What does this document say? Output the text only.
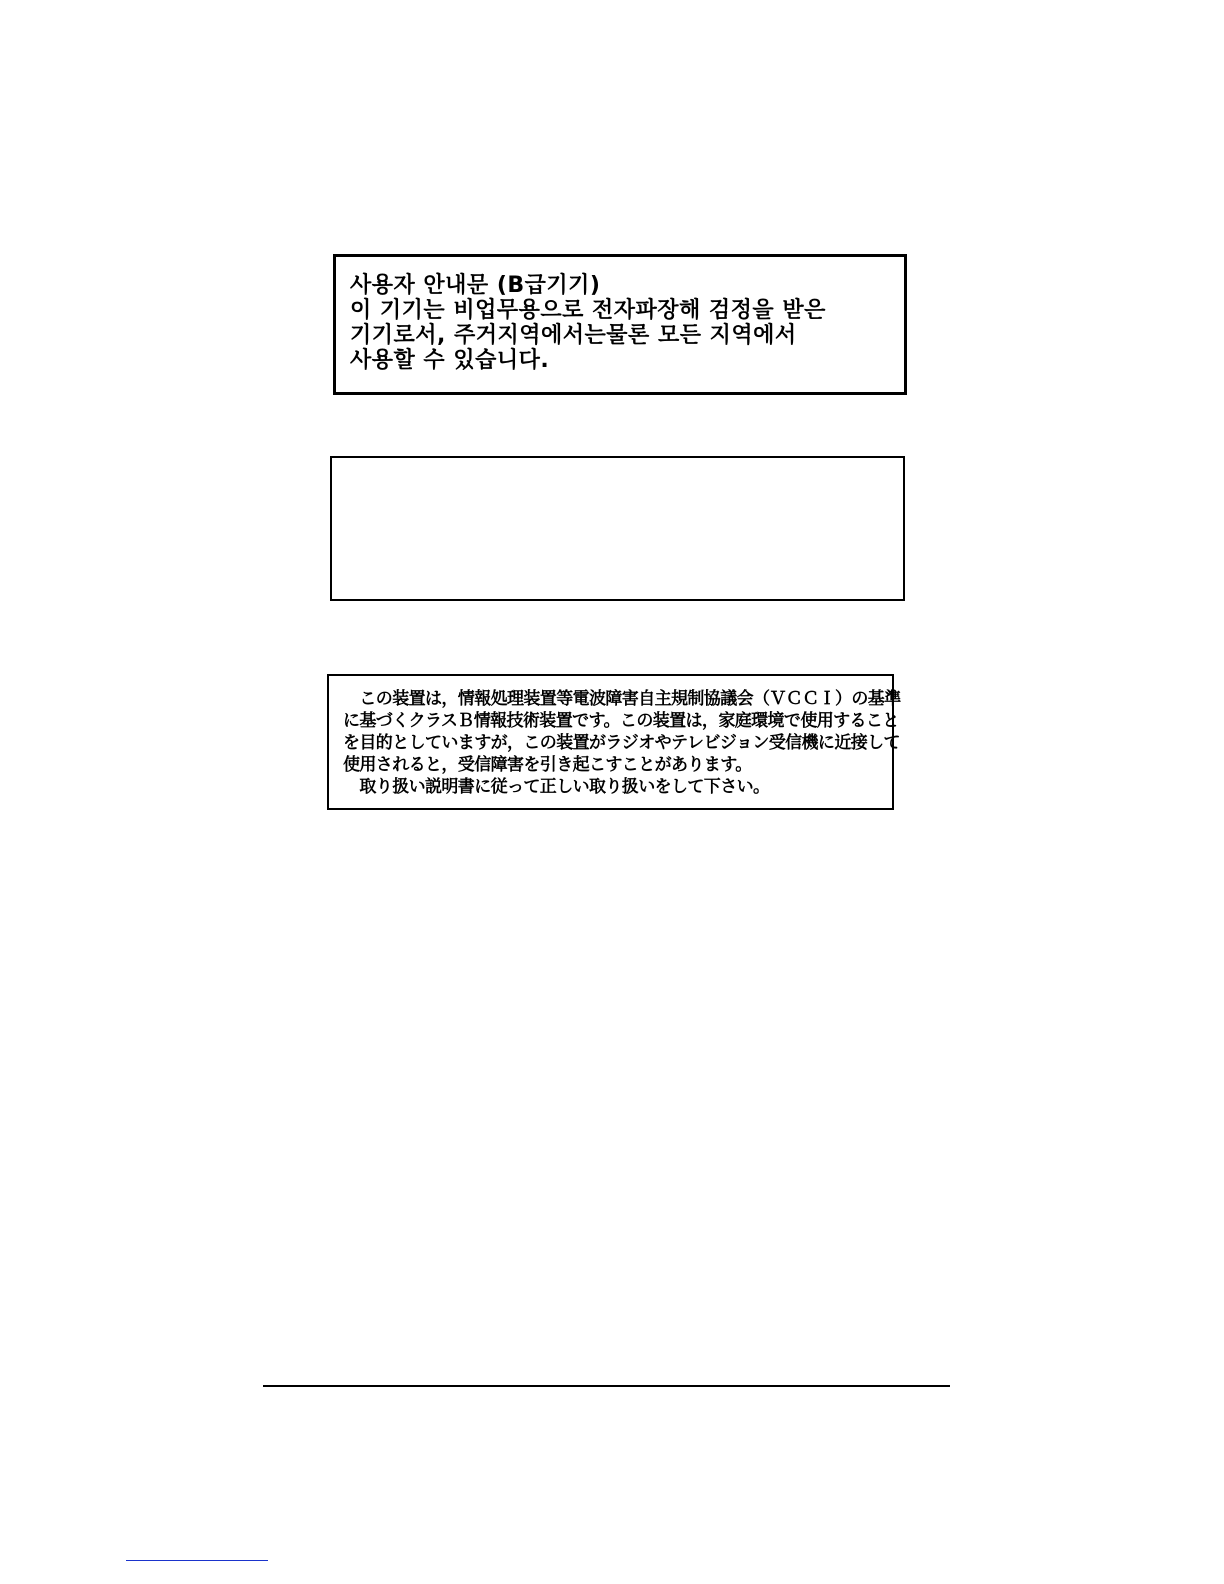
사용자 안내문 (B급기기)
이 기기는 비업무용으로 전자파장해 검정을 받은
기기로서, 주거지역에서는물론 모든 지역에서
사용할 수 있습니다.
　この装置は，情報処理装置等電波障害自主規制協議会（ＶＣＣＩ）の基準
に基づくクラスＢ情報技術装置です。この装置は，家庭環境で使用すること
を目的としていますが，この装置がラジオやテレビジョン受信機に近接して
使用されると，受信障害を引き起こすことがあります。
　取り扱い説明書に従って正しい取り扱いをして下さい。
